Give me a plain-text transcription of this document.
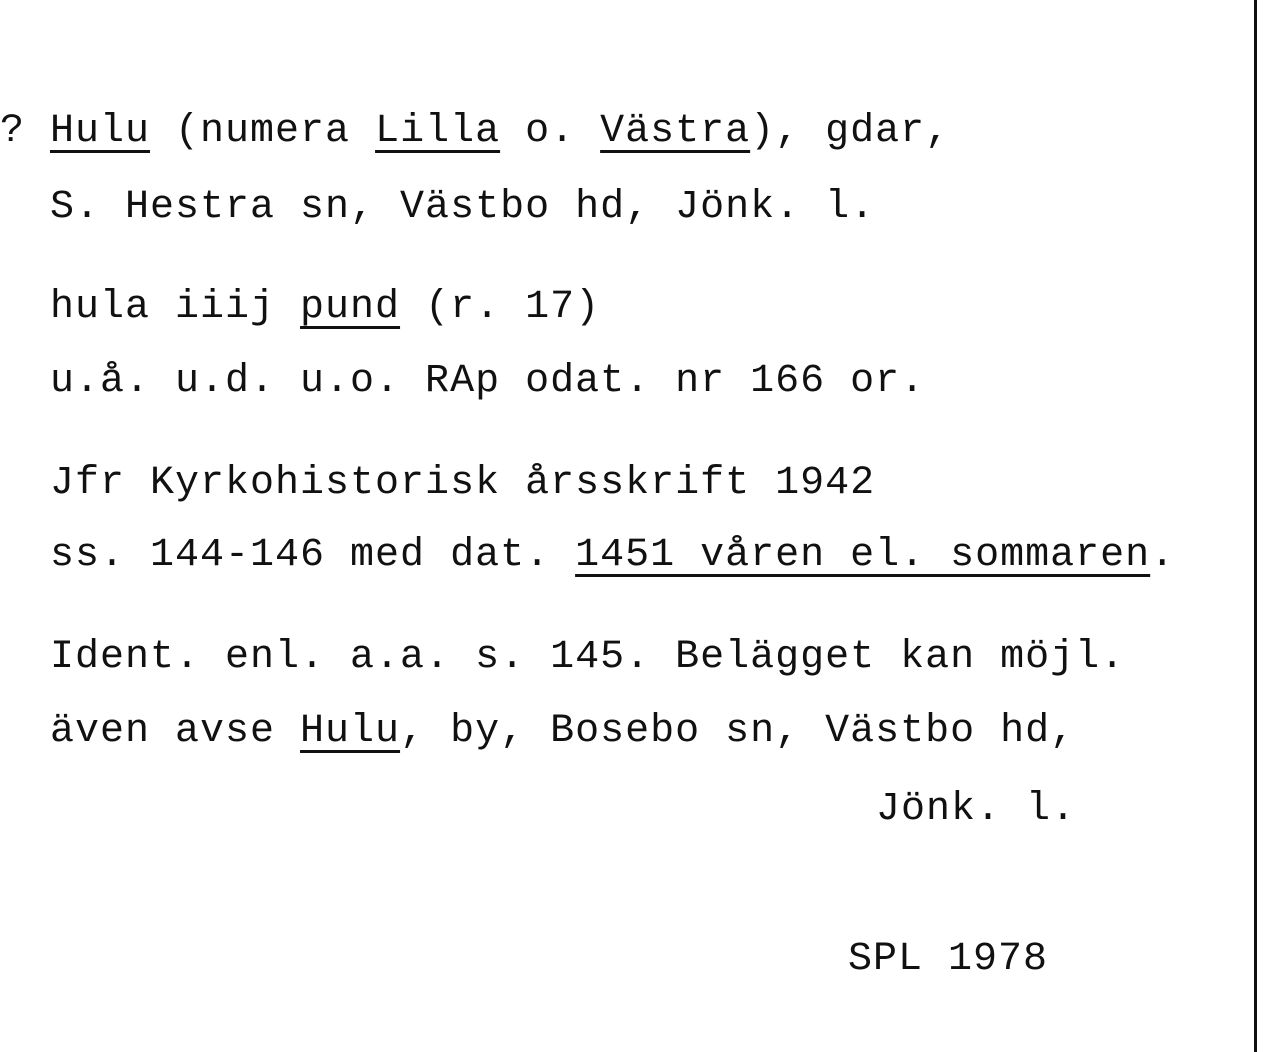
? Hulu (numera Lilla o. Västra), gdar,
S. Hestra sn, Västbo hd, Jönk. l.
hula iiij pund (r. 17)
u.å. u.d. u.o. RAp odat. nr 166 or.
Jfr Kyrkohistorisk årsskrift 1942
ss. 144-146 med dat. 1451 våren el. sommaren.
Ident. enl. a.a. s. 145. Belägget kan möjl.
även avse Hulu, by, Bosebo sn, Västbo hd,
Jönk. l.
SPL 1978
